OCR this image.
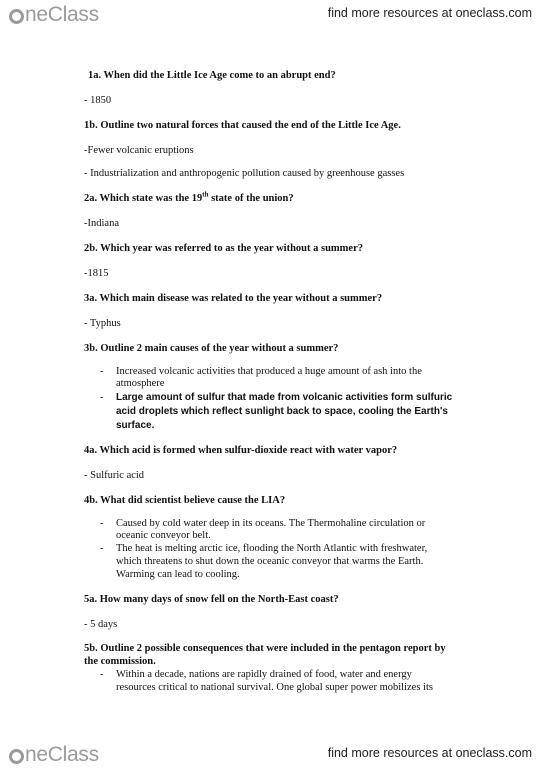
neClass	find more resources at oneclass.com
1a. When did the Little Ice Age come to an abrupt end?
- 1850
1b. Outline two natural forces that caused the end of the Little Ice Age.
-Fewer volcanic eruptions
- Industrialization and anthropogenic pollution caused by greenhouse gasses
2a. Which state was the 19th state of the union?
-Indiana
2b. Which year was referred to as the year without a summer?
-1815
3a. Which main disease was related to the year without a summer?
- Typhus
3b. Outline 2 main causes of the year without a summer?
- Increased volcanic activities that produced a huge amount of ash into the
atmosphere
- Large amount of sulfur that made from volcanic activities form sulfuric
acid droplets which reflect sunlight back to space, cooling the Earth's
surface.
4a. Which acid is formed when sulfur-dioxide react with water vapor?
- Sulfuric acid
4b. What did scientist believe cause the LIA?
- Caused by cold water deep in its oceans. The Thermohaline circulation or
oceanic conveyor belt.
- The heat is melting arctic ice, flooding the North Atlantic with freshwater,
which threatens to shut down the oceanic conveyor that warms the Earth.
Warming can lead to cooling.
5a. How many days of snow fell on the North-East coast?
- 5 days
5b. Outline 2 possible consequences that were included in the pentagon report by
the commission.
- Within a decade, nations are rapidly drained of food, water and energy
resources critical to national survival. One global super power mobilizes its
neClass	find more resources at oneclass.com
